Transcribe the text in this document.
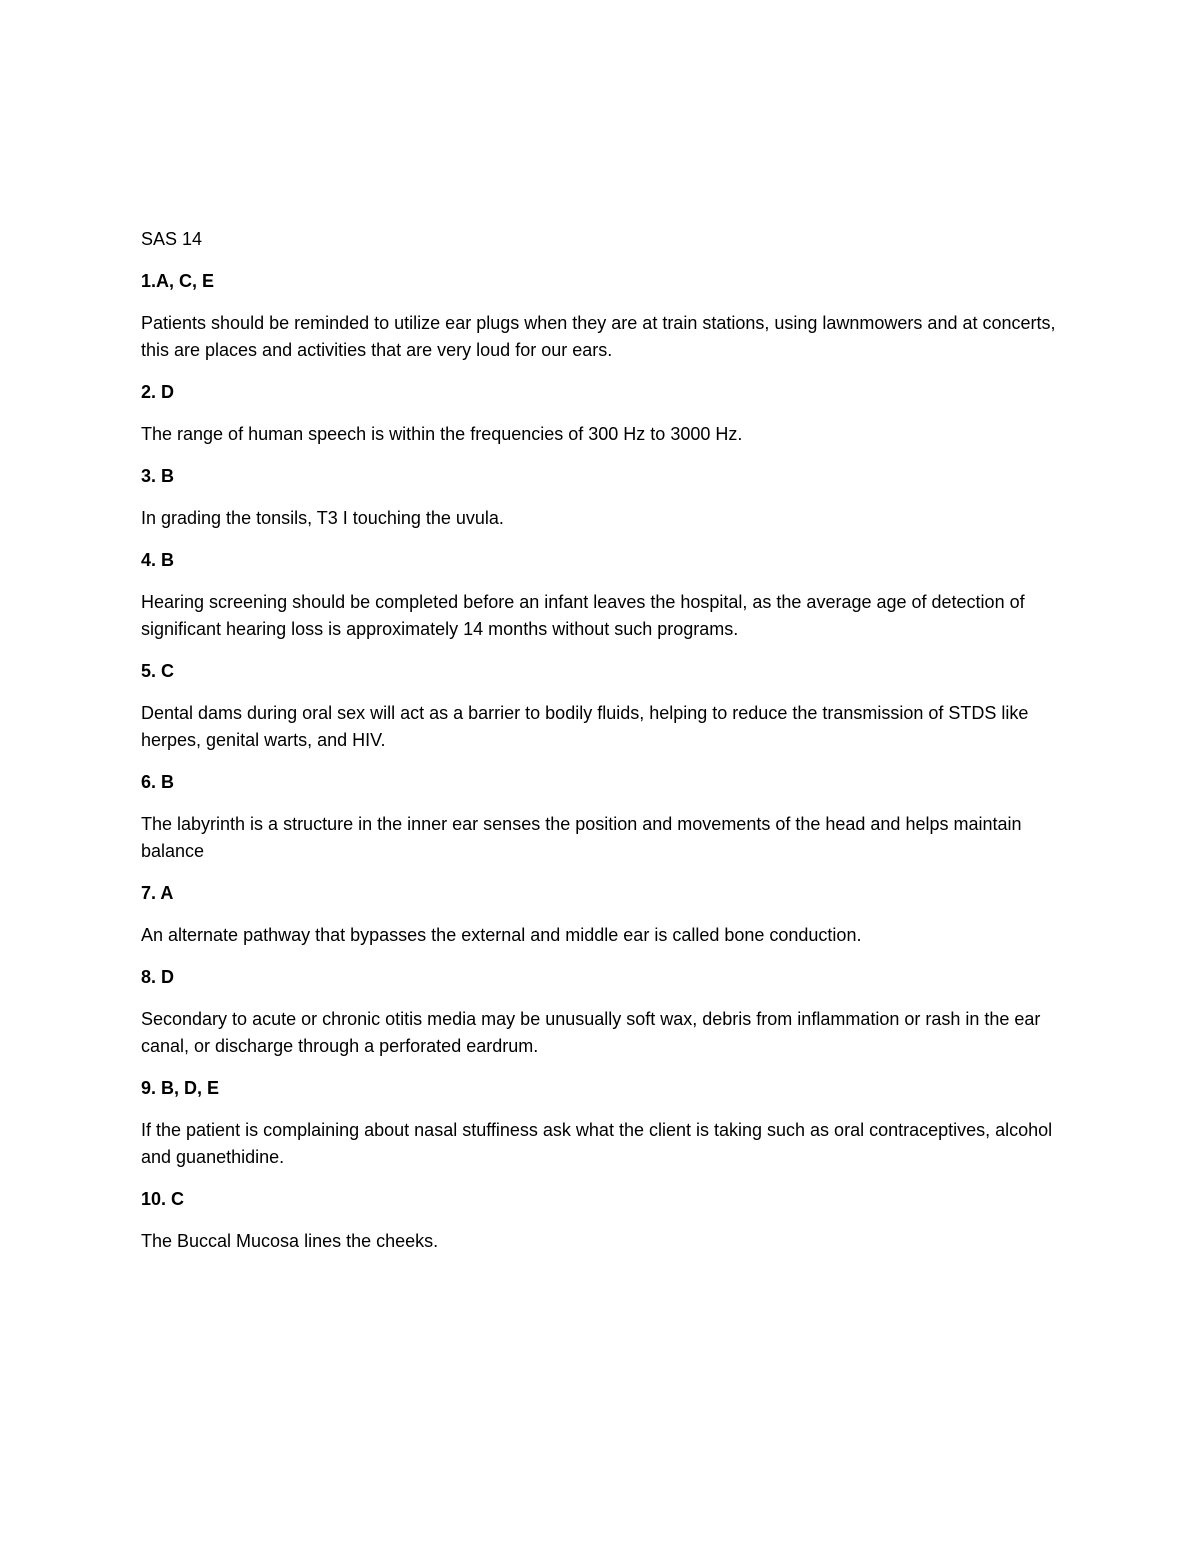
SAS 14

1.A, C, E

Patients should be reminded to utilize ear plugs when they are at train stations, using lawnmowers and at concerts, this are places and activities that are very loud for our ears.

2. D

The range of human speech is within the frequencies of 300 Hz to 3000 Hz.

3. B

In grading the tonsils, T3 I touching the uvula.

4. B

Hearing screening should be completed before an infant leaves the hospital, as the average age of detection of significant hearing loss is approximately 14 months without such programs.

5. C

Dental dams during oral sex will act as a barrier to bodily fluids, helping to reduce the transmission of STDS like herpes, genital warts, and HIV.

6. B

The labyrinth is a structure in the inner ear senses the position and movements of the head and helps maintain balance

7. A

An alternate pathway that bypasses the external and middle ear is called bone conduction.

8. D

Secondary to acute or chronic otitis media may be unusually soft wax, debris from inflammation or rash in the ear canal, or discharge through a perforated eardrum.

9. B, D, E

If the patient is complaining about nasal stuffiness ask what the client is taking such as oral contraceptives, alcohol and guanethidine.

10. C

The Buccal Mucosa lines the cheeks.
